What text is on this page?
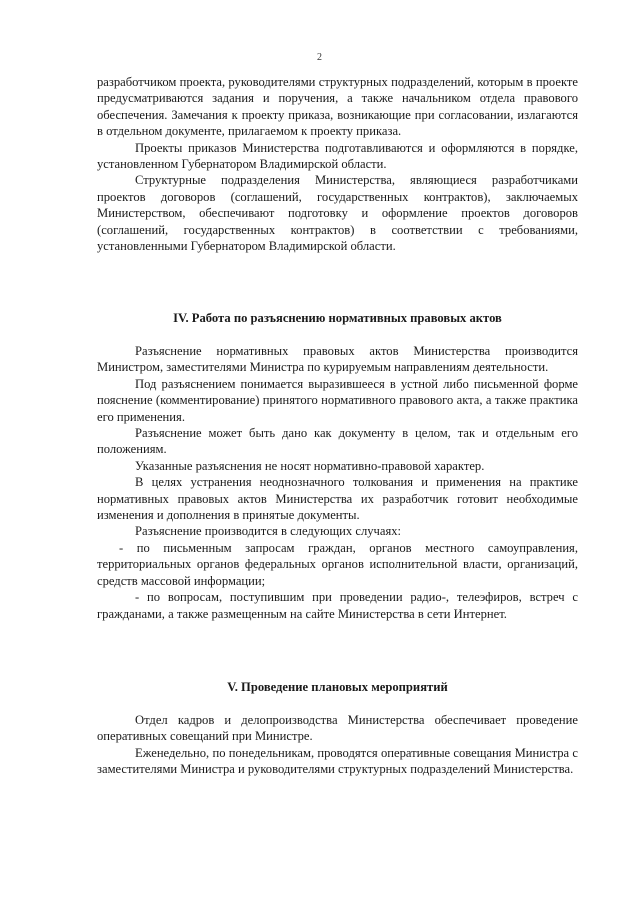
2

разработчиком проекта, руководителями структурных подразделений, которым в проекте предусматриваются задания и поручения, а также начальником отдела правового обеспечения. Замечания к проекту приказа, возникающие при согласовании, излагаются в отдельном документе, прилагаемом к проекту приказа.

Проекты приказов Министерства подготавливаются и оформляются в порядке, установленном Губернатором Владимирской области.

Структурные подразделения Министерства, являющиеся разработчиками проектов договоров (соглашений, государственных контрактов), заключаемых Министерством, обеспечивают подготовку и оформление проектов договоров (соглашений, государственных контрактов) в соответствии с требованиями, установленными Губернатором Владимирской области.

IV. Работа по разъяснению нормативных правовых актов

Разъяснение нормативных правовых актов Министерства производится Министром, заместителями Министра по курируемым направлениям деятельности.

Под разъяснением понимается выразившееся в устной либо письменной форме пояснение (комментирование) принятого нормативного правового акта, а также практика его применения.

Разъяснение может быть дано как документу в целом, так и отдельным его положениям.

Указанные разъяснения не носят нормативно-правовой характер.

В целях устранения неоднозначного толкования и применения на практике нормативных правовых актов Министерства их разработчик готовит необходимые изменения и дополнения в принятые документы.

Разъяснение производится в следующих случаях:

- по письменным запросам граждан, органов местного самоуправления, территориальных органов федеральных органов исполнительной власти, организаций, средств массовой информации;

- по вопросам, поступившим при проведении радио-, телеэфиров, встреч с гражданами, а также размещенным на сайте Министерства в сети Интернет.

V. Проведение плановых мероприятий

Отдел кадров и делопроизводства Министерства обеспечивает проведение оперативных совещаний при Министре.

Еженедельно, по понедельникам, проводятся оперативные совещания Министра с заместителями Министра и руководителями структурных подразделений Министерства.
